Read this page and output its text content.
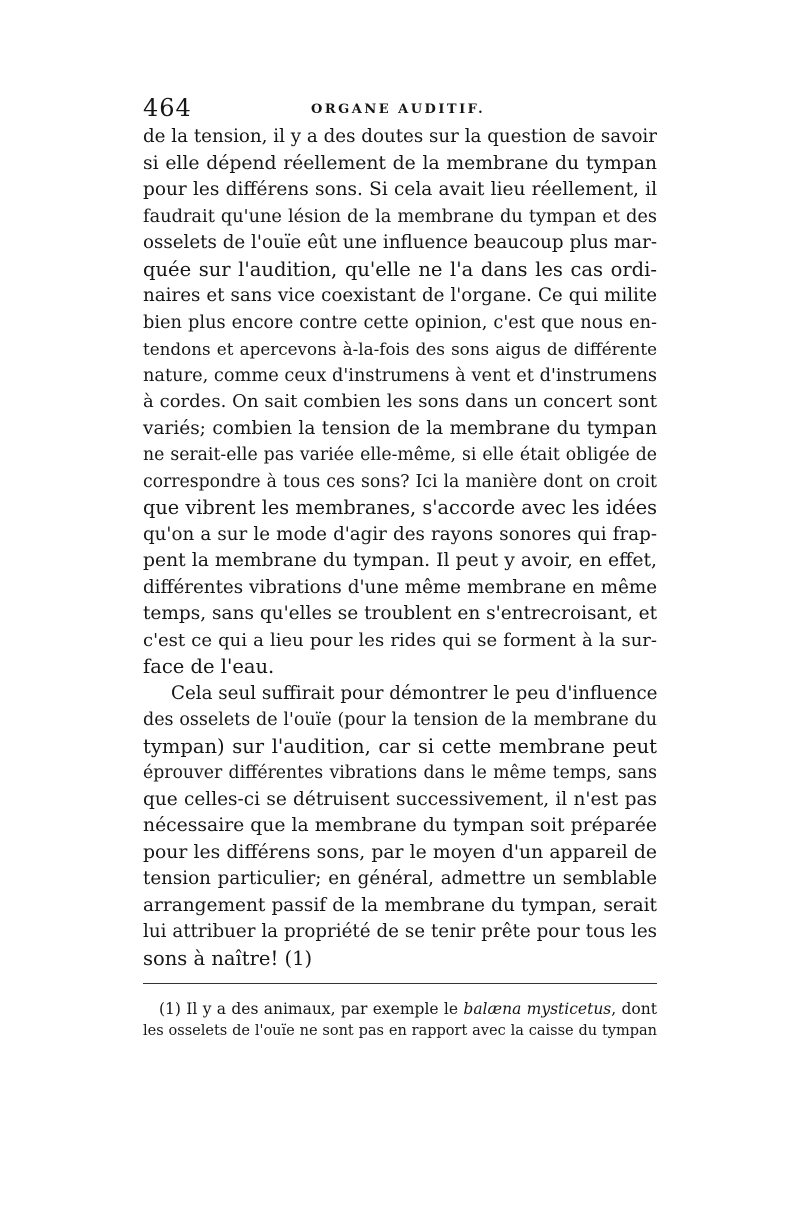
464	ORGANE AUDITIF.
de la tension, il y a des doutes sur la question de savoir
si elle dépend réellement de la membrane du tympan
pour les différens sons. Si cela avait lieu réellement, il
faudrait qu'une lésion de la membrane du tympan et des
osselets de l'ouïe eût une influence beaucoup plus mar-
quée sur l'audition, qu'elle ne l'a dans les cas ordi-
naires et sans vice coexistant de l'organe. Ce qui milite
bien plus encore contre cette opinion, c'est que nous en-
tendons et apercevons à-la-fois des sons aigus de différente
nature, comme ceux d'instrumens à vent et d'instrumens
à cordes. On sait combien les sons dans un concert sont
variés; combien la tension de la membrane du tympan
ne serait-elle pas variée elle-même, si elle était obligée de
correspondre à tous ces sons? Ici la manière dont on croit
que vibrent les membranes, s'accorde avec les idées
qu'on a sur le mode d'agir des rayons sonores qui frap-
pent la membrane du tympan. Il peut y avoir, en effet,
différentes vibrations d'une même membrane en même
temps, sans qu'elles se troublent en s'entrecroisant, et
c'est ce qui a lieu pour les rides qui se forment à la sur-
face de l'eau.
Cela seul suffirait pour démontrer le peu d'influence
des osselets de l'ouïe (pour la tension de la membrane du
tympan) sur l'audition, car si cette membrane peut
éprouver différentes vibrations dans le même temps, sans
que celles-ci se détruisent successivement, il n'est pas
nécessaire que la membrane du tympan soit préparée
pour les différens sons, par le moyen d'un appareil de
tension particulier; en général, admettre un semblable
arrangement passif de la membrane du tympan, serait
lui attribuer la propriété de se tenir prête pour tous les
sons à naître! (1)
(1) Il y a des animaux, par exemple le balæna mysticetus, dont
les osselets de l'ouïe ne sont pas en rapport avec la caisse du tympan
